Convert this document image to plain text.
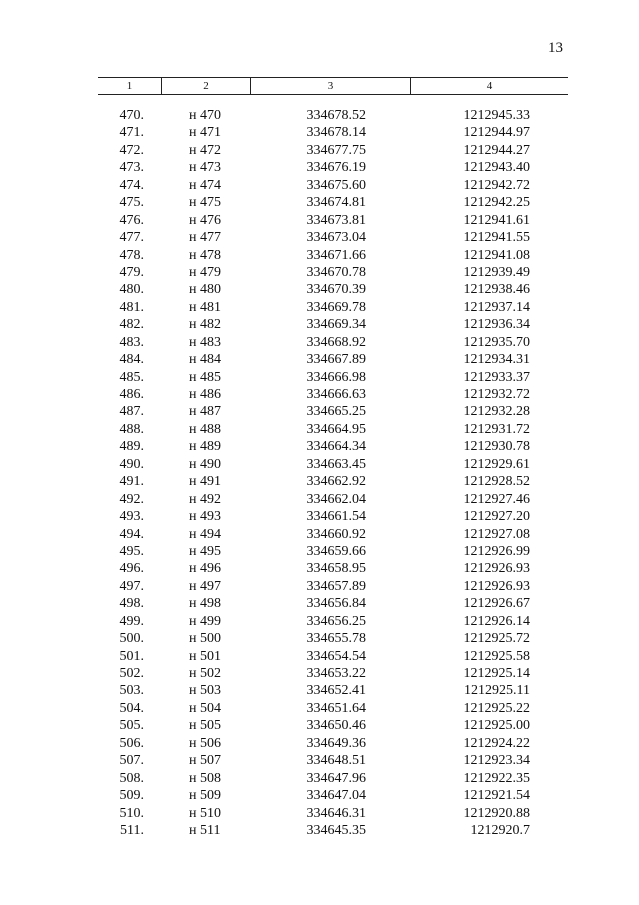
13
1	2	3	4
470.	н 470	334678.52	1212945.33
471.	н 471	334678.14	1212944.97
472.	н 472	334677.75	1212944.27
473.	н 473	334676.19	1212943.40
474.	н 474	334675.60	1212942.72
475.	н 475	334674.81	1212942.25
476.	н 476	334673.81	1212941.61
477.	н 477	334673.04	1212941.55
478.	н 478	334671.66	1212941.08
479.	н 479	334670.78	1212939.49
480.	н 480	334670.39	1212938.46
481.	н 481	334669.78	1212937.14
482.	н 482	334669.34	1212936.34
483.	н 483	334668.92	1212935.70
484.	н 484	334667.89	1212934.31
485.	н 485	334666.98	1212933.37
486.	н 486	334666.63	1212932.72
487.	н 487	334665.25	1212932.28
488.	н 488	334664.95	1212931.72
489.	н 489	334664.34	1212930.78
490.	н 490	334663.45	1212929.61
491.	н 491	334662.92	1212928.52
492.	н 492	334662.04	1212927.46
493.	н 493	334661.54	1212927.20
494.	н 494	334660.92	1212927.08
495.	н 495	334659.66	1212926.99
496.	н 496	334658.95	1212926.93
497.	н 497	334657.89	1212926.93
498.	н 498	334656.84	1212926.67
499.	н 499	334656.25	1212926.14
500.	н 500	334655.78	1212925.72
501.	н 501	334654.54	1212925.58
502.	н 502	334653.22	1212925.14
503.	н 503	334652.41	1212925.11
504.	н 504	334651.64	1212925.22
505.	н 505	334650.46	1212925.00
506.	н 506	334649.36	1212924.22
507.	н 507	334648.51	1212923.34
508.	н 508	334647.96	1212922.35
509.	н 509	334647.04	1212921.54
510.	н 510	334646.31	1212920.88
511.	н 511	334645.35	1212920.7
